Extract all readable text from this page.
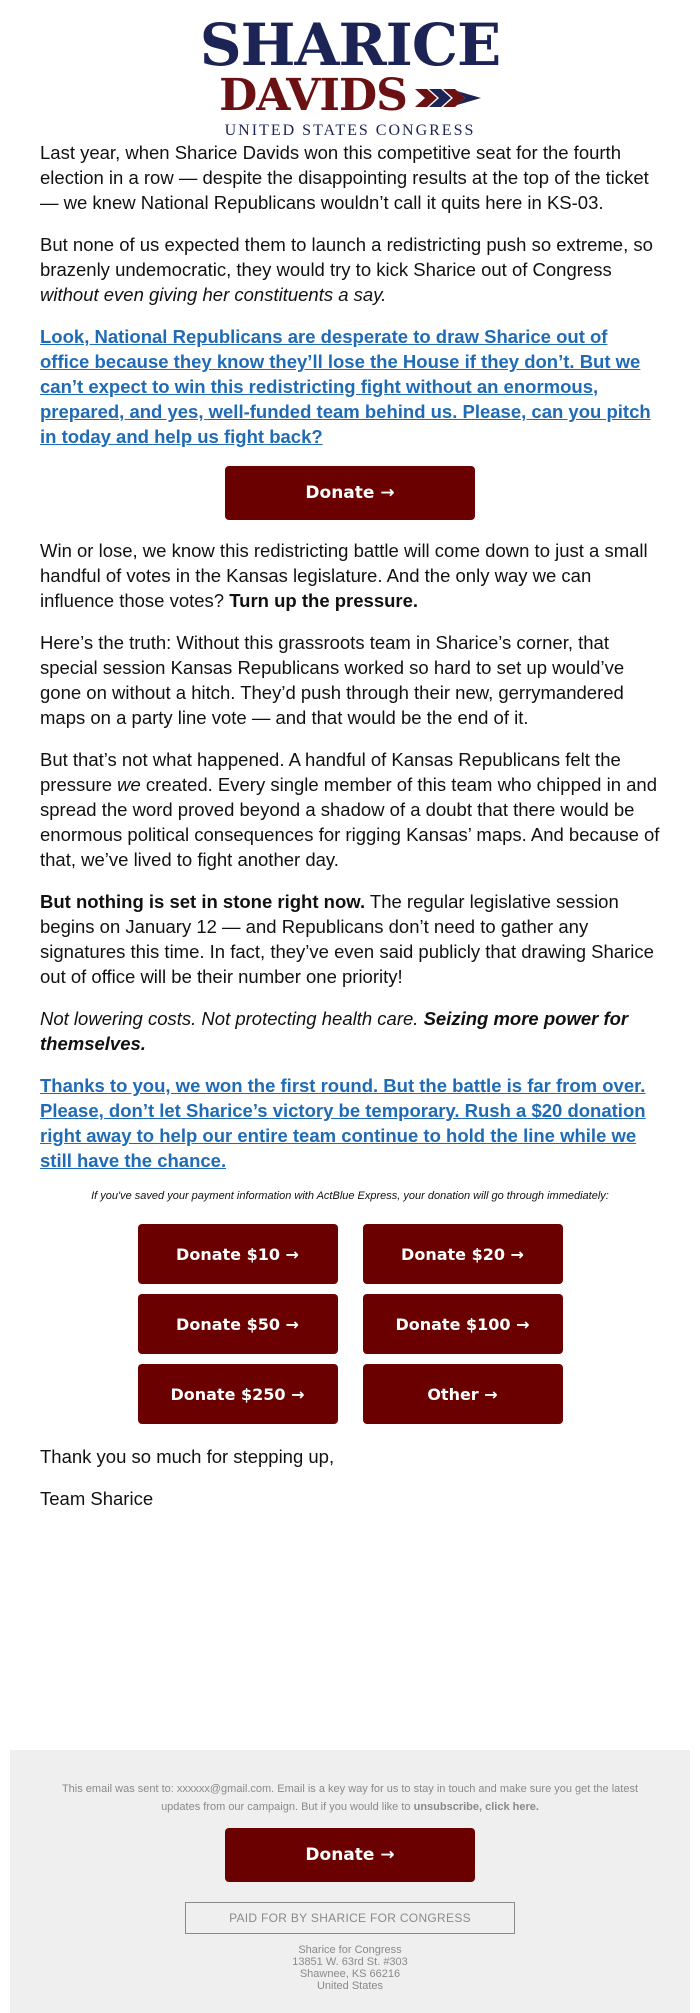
SHARICE
DAVIDS
UNITED STATES CONGRESS

Last year, when Sharice Davids won this competitive seat for the fourth election in a row — despite the disappointing results at the top of the ticket — we knew National Republicans wouldn’t call it quits here in KS-03.

But none of us expected them to launch a redistricting push so extreme, so brazenly undemocratic, they would try to kick Sharice out of Congress without even giving her constituents a say.

Look, National Republicans are desperate to draw Sharice out of office because they know they’ll lose the House if they don’t. But we can’t expect to win this redistricting fight without an enormous, prepared, and yes, well-funded team behind us. Please, can you pitch in today and help us fight back?

Donate →

Win or lose, we know this redistricting battle will come down to just a small handful of votes in the Kansas legislature. And the only way we can influence those votes? Turn up the pressure.

Here’s the truth: Without this grassroots team in Sharice’s corner, that special session Kansas Republicans worked so hard to set up would’ve gone on without a hitch. They’d push through their new, gerrymandered maps on a party line vote — and that would be the end of it.

But that’s not what happened. A handful of Kansas Republicans felt the pressure we created. Every single member of this team who chipped in and spread the word proved beyond a shadow of a doubt that there would be enormous political consequences for rigging Kansas’ maps. And because of that, we’ve lived to fight another day.

But nothing is set in stone right now. The regular legislative session begins on January 12 — and Republicans don’t need to gather any signatures this time. In fact, they’ve even said publicly that drawing Sharice out of office will be their number one priority!

Not lowering costs. Not protecting health care. Seizing more power for themselves.

Thanks to you, we won the first round. But the battle is far from over. Please, don’t let Sharice’s victory be temporary. Rush a $20 donation right away to help our entire team continue to hold the line while we still have the chance.

If you've saved your payment information with ActBlue Express, your donation will go through immediately:
Donate $10 →	Donate $20 →
Donate $50 →	Donate $100 →
Donate $250 →	Other →

Thank you so much for stepping up,

Team Sharice

This email was sent to: xxxxxx@gmail.com. Email is a key way for us to stay in touch and make sure you get the latest updates from our campaign. But if you would like to unsubscribe, click here.
Donate →
PAID FOR BY SHARICE FOR CONGRESS
Sharice for Congress
13851 W. 63rd St. #303
Shawnee, KS 66216
United States
